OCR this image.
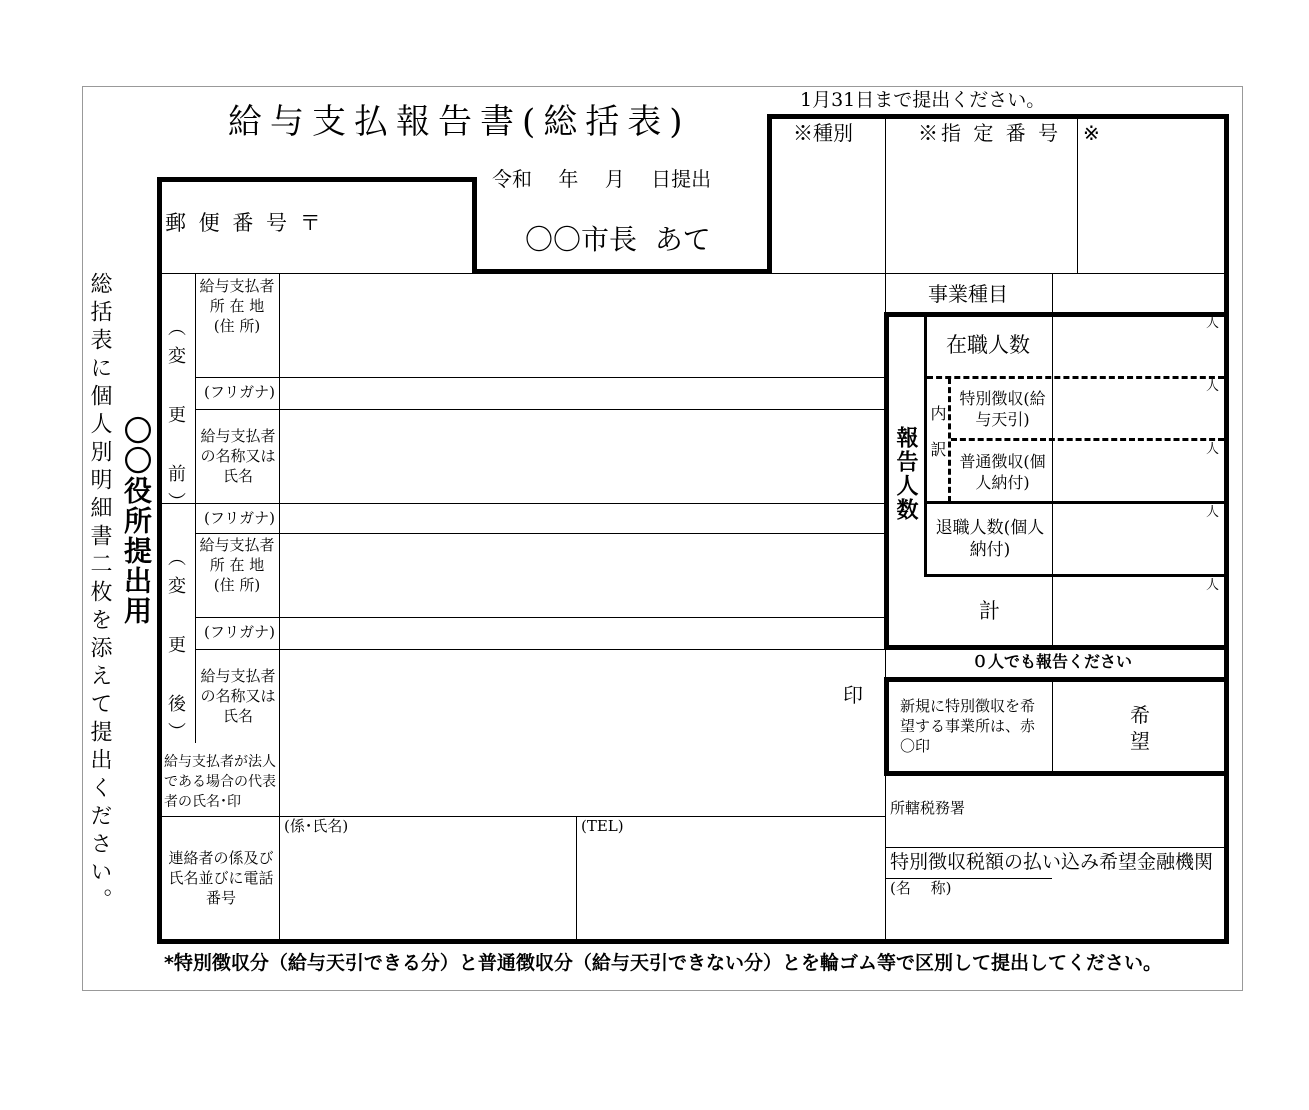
1月31日まで提出ください。
給与支払報告書(総括表)
令和　 年　 月　 日提出
〇〇市長  あて
※種別	※指 定 番 号 ※
総括表に個人別明細書二枚を添えて提出ください。 〇〇役所提出用
郵 便 番 号 〒
（変 更 前）
（変 更 後）
給与支払者 所 在 地 (住 所)
(フリガナ)
給与支払者の名称又は氏名
(フリガナ)
給与支払者 所 在 地 (住 所)
(フリガナ)
給与支払者の名称又は氏名
給与支払者が法人である場合の代表者の氏名･印
印
連絡者の係及び氏名並びに電話番号
(係･氏名)	(TEL)
事業種目
報告人数
在職人数
内訳
特別徴収(給与天引)
普通徴収(個人納付)
退職人数(個人納付)
計
人
人
人
人
人
０人でも報告ください
新規に特別徴収を希望する事業所は、赤〇印
希望
所轄税務署
特別徴収税額の払い込み希望金融機関
(名　 称)
*特別徴収分（給与天引できる分）と普通徴収分（給与天引できない分）とを輪ゴム等で区別して提出してください。
